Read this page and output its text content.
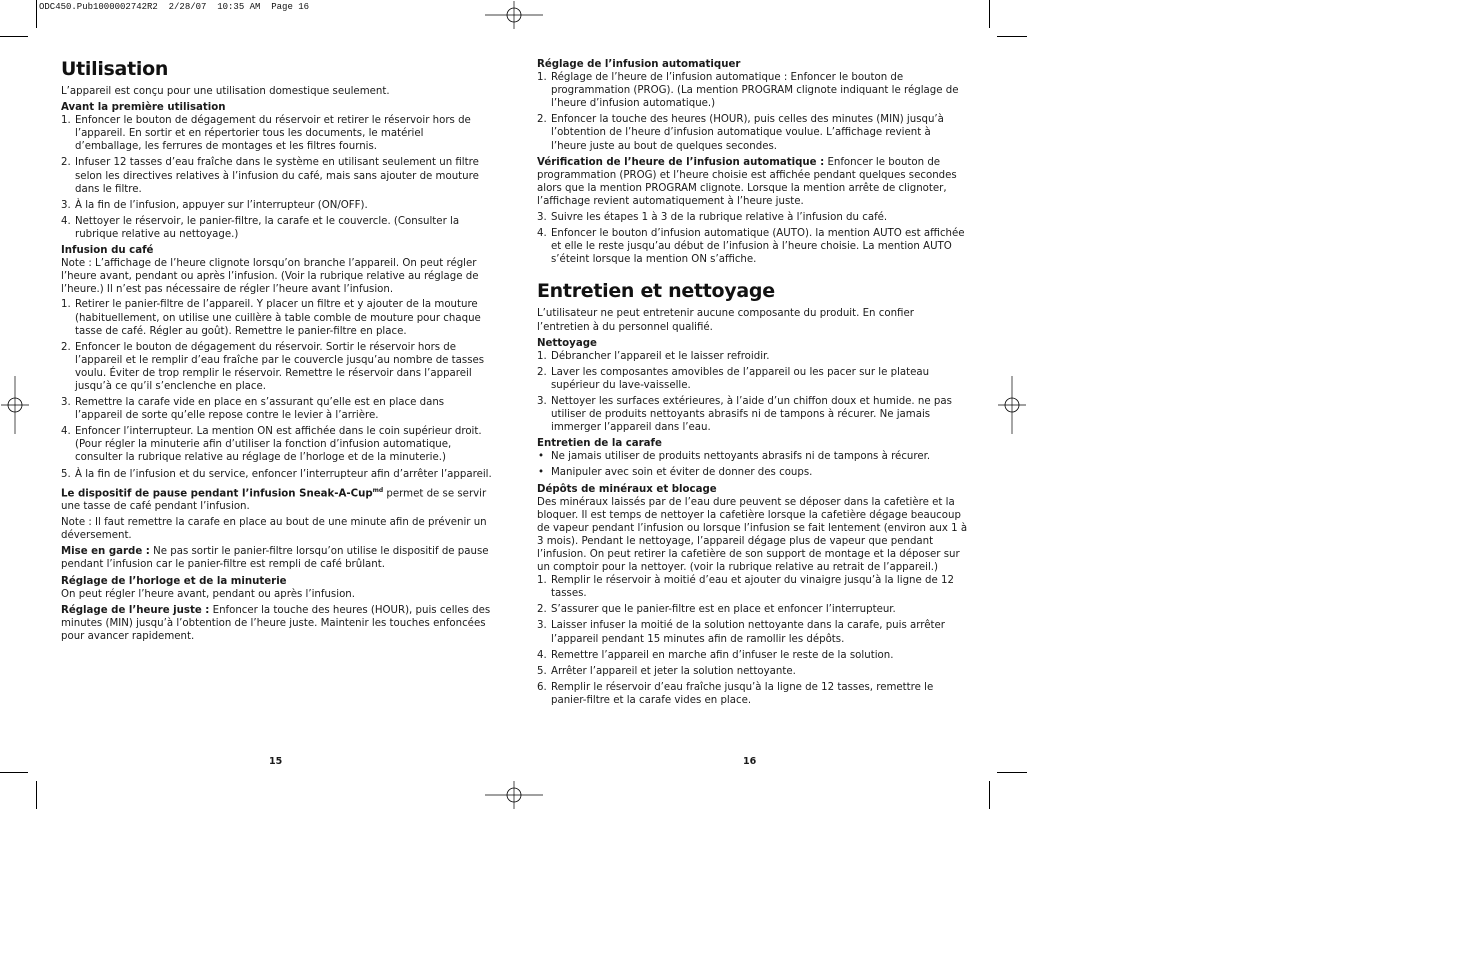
ODC450.Pub1000002742R2  2/28/07  10:35 AM  Page 16
Utilisation

L’appareil est conçu pour une utilisation domestique seulement.

Avant la première utilisation
1. Enfoncer le bouton de dégagement du réservoir et retirer le réservoir hors de l’appareil. En sortir et en répertorier tous les documents, le matériel d’emballage, les ferrures de montages et les filtres fournis.
2. Infuser 12 tasses d’eau fraîche dans le système en utilisant seulement un filtre selon les directives relatives à l’infusion du café, mais sans ajouter de mouture dans le filtre.
3. À la fin de l’infusion, appuyer sur l’interrupteur (ON/OFF).
4. Nettoyer le réservoir, le panier-filtre, la carafe et le couvercle. (Consulter la rubrique relative au nettoyage.)
Infusion du café

Note : L’affichage de l’heure clignote lorsqu’on branche l’appareil. On peut régler l’heure avant, pendant ou après l’infusion. (Voir la rubrique relative au réglage de l’heure.) Il n’est pas nécessaire de régler l’heure avant l’infusion.

1. Retirer le panier-filtre de l’appareil. Y placer un filtre et y ajouter de la mouture (habituellement, on utilise une cuillère à table comble de mouture pour chaque tasse de café. Régler au goût). Remettre le panier-filtre en place.
2. Enfoncer le bouton de dégagement du réservoir. Sortir le réservoir hors de l’appareil et le remplir d’eau fraîche par le couvercle jusqu’au nombre de tasses voulu. Éviter de trop remplir le réservoir. Remettre le réservoir dans l’appareil jusqu’à ce qu’il s’enclenche en place.
3. Remettre la carafe vide en place en s’assurant qu’elle est en place dans l’appareil de sorte qu’elle repose contre le levier à l’arrière.
4. Enfoncer l’interrupteur. La mention ON est affichée dans le coin supérieur droit. (Pour régler la minuterie afin d’utiliser la fonction d’infusion automatique, consulter la rubrique relative au réglage de l’horloge et de la minuterie.)
5. À la fin de l’infusion et du service, enfoncer l’interrupteur afin d’arrêter l’appareil.

Le dispositif de pause pendant l’infusion Sneak-A-Cup$^{md}$ permet de se servir une tasse de café pendant l’infusion.

Note : Il faut remettre la carafe en place au bout de une minute afin de prévenir un déversement.

Mise en garde : Ne pas sortir le panier-filtre lorsqu’on utilise le dispositif de pause pendant l’infusion car le panier-filtre est rempli de café brûlant.

Réglage de l’horloge et de la minuterie

On peut régler l’heure avant, pendant ou après l’infusion.

Réglage de l’heure juste : Enfoncer la touche des heures (HOUR), puis celles des minutes (MIN) jusqu’à l’obtention de l’heure juste. Maintenir les touches enfoncées pour avancer rapidement.

15
Réglage de l’infusion automatiquer
1. Réglage de l’heure de l’infusion automatique : Enfoncer le bouton de programmation (PROG). (La mention PROGRAM clignote indiquant le réglage de l’heure d’infusion automatique.)
2. Enfoncer la touche des heures (HOUR), puis celles des minutes (MIN) jusqu’à l’obtention de l’heure d’infusion automatique voulue. L’affichage revient à l’heure juste au bout de quelques secondes.

Vérification de l’heure de l’infusion automatique : Enfoncer le bouton de programmation (PROG) et l’heure choisie est affichée pendant quelques secondes alors que la mention PROGRAM clignote. Lorsque la mention arrête de clignoter, l’affichage revient automatiquement à l’heure juste.

3. Suivre les étapes 1 à 3 de la rubrique relative à l’infusion du café.
4. Enfoncer le bouton d’infusion automatique (AUTO). la mention AUTO est affichée et elle le reste jusqu’au début de l’infusion à l’heure choisie. La mention AUTO s’éteint lorsque la mention ON s’affiche.
Entretien et nettoyage

L’utilisateur ne peut entretenir aucune composante du produit. En confier l’entretien à du personnel qualifié.

Nettoyage
1. Débrancher l’appareil et le laisser refroidir.
2. Laver les composantes amovibles de l’appareil ou les pacer sur le plateau supérieur du lave-vaisselle.
3. Nettoyer les surfaces extérieures, à l’aide d’un chiffon doux et humide. ne pas utiliser de produits nettoyants abrasifs ni de tampons à récurer. Ne jamais immerger l’appareil dans l’eau.
Entretien de la carafe
• Ne jamais utiliser de produits nettoyants abrasifs ni de tampons à récurer.
• Manipuler avec soin et éviter de donner des coups.
Dépôts de minéraux et blocage

Des minéraux laissés par de l’eau dure peuvent se déposer dans la cafetière et la bloquer. Il est temps de nettoyer la cafetière lorsque la cafetière dégage beaucoup de vapeur pendant l’infusion ou lorsque l’infusion se fait lentement (environ aux 1 à 3 mois). Pendant le nettoyage, l’appareil dégage plus de vapeur que pendant l’infusion. On peut retirer la cafetière de son support de montage et la déposer sur un comptoir pour la nettoyer. (voir la rubrique relative au retrait de l’appareil.)

1. Remplir le réservoir à moitié d’eau et ajouter du vinaigre jusqu’à la ligne de 12 tasses.
2. S’assurer que le panier-filtre est en place et enfoncer l’interrupteur.
3. Laisser infuser la moitié de la solution nettoyante dans la carafe, puis arrêter l’appareil pendant 15 minutes afin de ramollir les dépôts.
4. Remettre l’appareil en marche afin d’infuser le reste de la solution.
5. Arrêter l’appareil et jeter la solution nettoyante.
6. Remplir le réservoir d’eau fraîche jusqu’à la ligne de 12 tasses, remettre le panier-filtre et la carafe vides en place.
16
